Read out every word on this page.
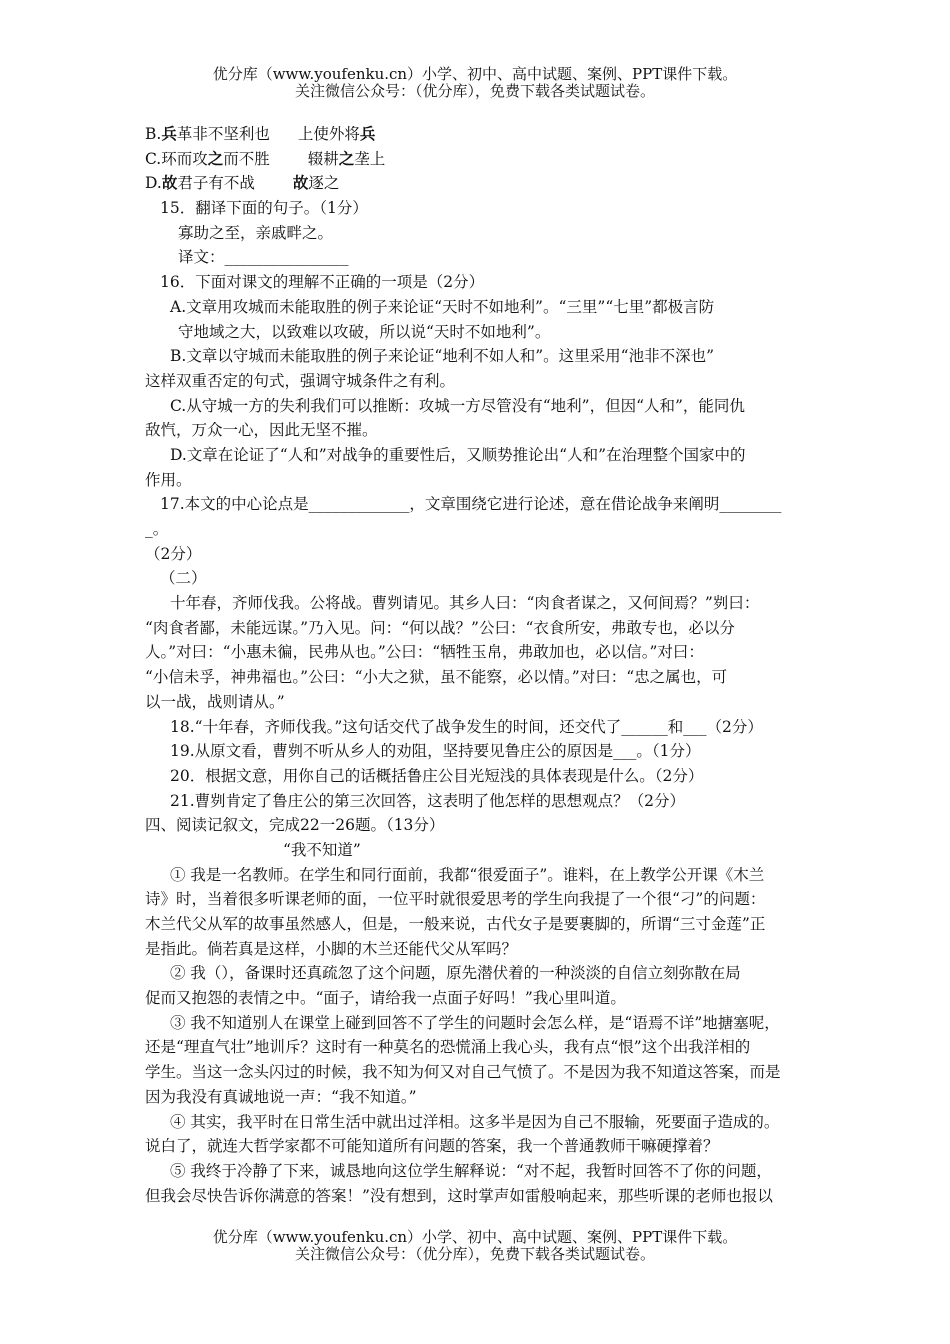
优分库（www.youfenku.cn）小学、初中、高中试题、案例、PPT课件下载。
关注微信公众号：（优分库），免费下载各类试题试卷。
B.兵革非不坚利也 上使外将兵
C.环而攻之而不胜 辍耕之垄上
D.故君子有不战 故逐之
15．翻译下面的句子。（1分）
寡助之至，亲戚畔之。
译文：________________
16．下面对课文的理解不正确的一项是（2分）
A.文章用攻城而未能取胜的例子来论证“天时不如地利”。“三里”“七里”都极言防
守地域之大，以致难以攻破，所以说“天时不如地利”。
B.文章以守城而未能取胜的例子来论证“地利不如人和”。这里采用“池非不深也”
这样双重否定的句式，强调守城条件之有利。
C.从守城一方的失利我们可以推断：攻城一方尽管没有“地利”，但因“人和”，能同仇
敌忾，万众一心，因此无坚不摧。
D.文章在论证了“人和”对战争的重要性后，又顺势推论出“人和”在治理整个国家中的
作用。
17.本文的中心论点是_____________，文章围绕它进行论述，意在借论战争来阐明________
_。
（2分）
（二）
十年春，齐师伐我。公将战。曹刿请见。其乡人曰：“肉食者谋之，又何间焉？”刿曰：
“肉食者鄙，未能远谋。”乃入见。问：“何以战？”公曰：“衣食所安，弗敢专也，必以分
人。”对曰：“小惠未徧，民弗从也。”公曰：“牺牲玉帛，弗敢加也，必以信。”对曰：
“小信未孚，神弗福也。”公曰：“小大之狱，虽不能察，必以情。”对曰：“忠之属也，可
以一战，战则请从。”
18.“十年春，齐师伐我。”这句话交代了战争发生的时间，还交代了______和___（2分）
19.从原文看，曹刿不听从乡人的劝阻，坚持要见鲁庄公的原因是___。（1分）
20．根据文意，用你自己的话概括鲁庄公目光短浅的具体表现是什么。（2分）
21.曹刿肯定了鲁庄公的第三次回答，这表明了他怎样的思想观点？（2分）
四、阅读记叙文，完成22一26题。（13分）
“我不知道”
① 我是一名教师。在学生和同行面前，我都“很爱面子”。谁料，在上教学公开课《木兰
诗》时，当着很多听课老师的面，一位平时就很爱思考的学生向我提了一个很“刁”的问题：
木兰代父从军的故事虽然感人，但是，一般来说，古代女子是要裹脚的，所谓“三寸金莲”正
是指此。倘若真是这样，小脚的木兰还能代父从军吗？
② 我（），备课时还真疏忽了这个问题，原先潜伏着的一种淡淡的自信立刻弥散在局
促而又抱怨的表情之中。“面子，请给我一点面子好吗！”我心里叫道。
③ 我不知道别人在课堂上碰到回答不了学生的问题时会怎么样，是“语焉不详”地搪塞呢，
还是“理直气壮”地训斥？这时有一种莫名的恐慌涌上我心头，我有点“恨”这个出我洋相的
学生。当这一念头闪过的时候，我不知为何又对自己气愤了。不是因为我不知道这答案，而是
因为我没有真诚地说一声：“我不知道。”
④ 其实，我平时在日常生活中就出过洋相。这多半是因为自己不服输，死要面子造成的。
说白了，就连大哲学家都不可能知道所有问题的答案，我一个普通教师干嘛硬撑着？
⑤ 我终于冷静了下来，诚恳地向这位学生解释说：“对不起，我暂时回答不了你的问题，
但我会尽快告诉你满意的答案！”没有想到，这时掌声如雷般响起来，那些听课的老师也报以
优分库（www.youfenku.cn）小学、初中、高中试题、案例、PPT课件下载。
关注微信公众号：（优分库），免费下载各类试题试卷。
